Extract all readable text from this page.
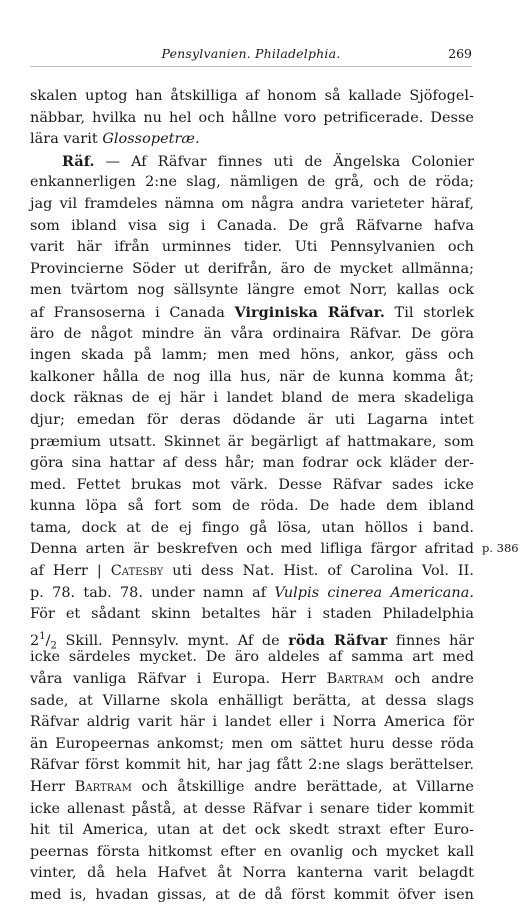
Pensylvanien. Philadelphia.	269
p. 386
skalen uptog han åtskilliga af honom så kallade Sjöfogel-
näbbar, hvilka nu hel och hållne voro petrificerade. Desse
lära varit Glossopetræ.
Räf. — Af Räfvar finnes uti de Ängelska Colonier
enkannerligen 2:ne slag, nämligen de grå, och de röda;
jag vil framdeles nämna om några andra varieteter häraf,
som ibland visa sig i Canada. De grå Räfvarne hafva
varit här ifrån urminnes tider. Uti Pennsylvanien och
Provincierne Söder ut derifrån, äro de mycket allmänna;
men tvärtom nog sällsynte längre emot Norr, kallas ock
af Fransoserna i Canada Virginiska Räfvar. Til storlek
äro de något mindre än våra ordinaira Räfvar. De göra
ingen skada på lamm; men med höns, ankor, gäss och
kalkoner hålla de nog illa hus, när de kunna komma åt;
dock räknas de ej här i landet bland de mera skadeliga
djur; emedan för deras dödande är uti Lagarna intet
præmium utsatt. Skinnet är begärligt af hattmakare, som
göra sina hattar af dess hår; man fodrar ock kläder der-
med. Fettet brukas mot värk. Desse Räfvar sades icke
kunna löpa så fort som de röda. De hade dem ibland
tama, dock at de ej fingo gå lösa, utan höllos i band.
Denna arten är beskrefven och med lifliga färgor afritad
af Herr | Catesby uti dess Nat. Hist. of Carolina Vol. II.
p. 78. tab. 78. under namn af Vulpis cinerea Americana.
För et sådant skinn betaltes här i staden Philadelphia
$2^1/_2$ Skill. Pennsylv. mynt. Af de röda Räfvar finnes här
icke särdeles mycket. De äro aldeles af samma art med
våra vanliga Räfvar i Europa. Herr Bartram och andre
sade, at Villarne skola enhälligt berätta, at dessa slags
Räfvar aldrig varit här i landet eller i Norra America för
än Europeernas ankomst; men om sättet huru desse röda
Räfvar först kommit hit, har jag fått 2:ne slags berättelser.
Herr Bartram och åtskillige andre berättade, at Villarne
icke allenast påstå, at desse Räfvar i senare tider kommit
hit til America, utan at det ock skedt straxt efter Euro-
peernas första hitkomst efter en ovanlig och mycket kall
vinter, då hela Hafvet åt Norra kanterna varit belagdt
med is, hvadan gissas, at de då först kommit öfver isen
